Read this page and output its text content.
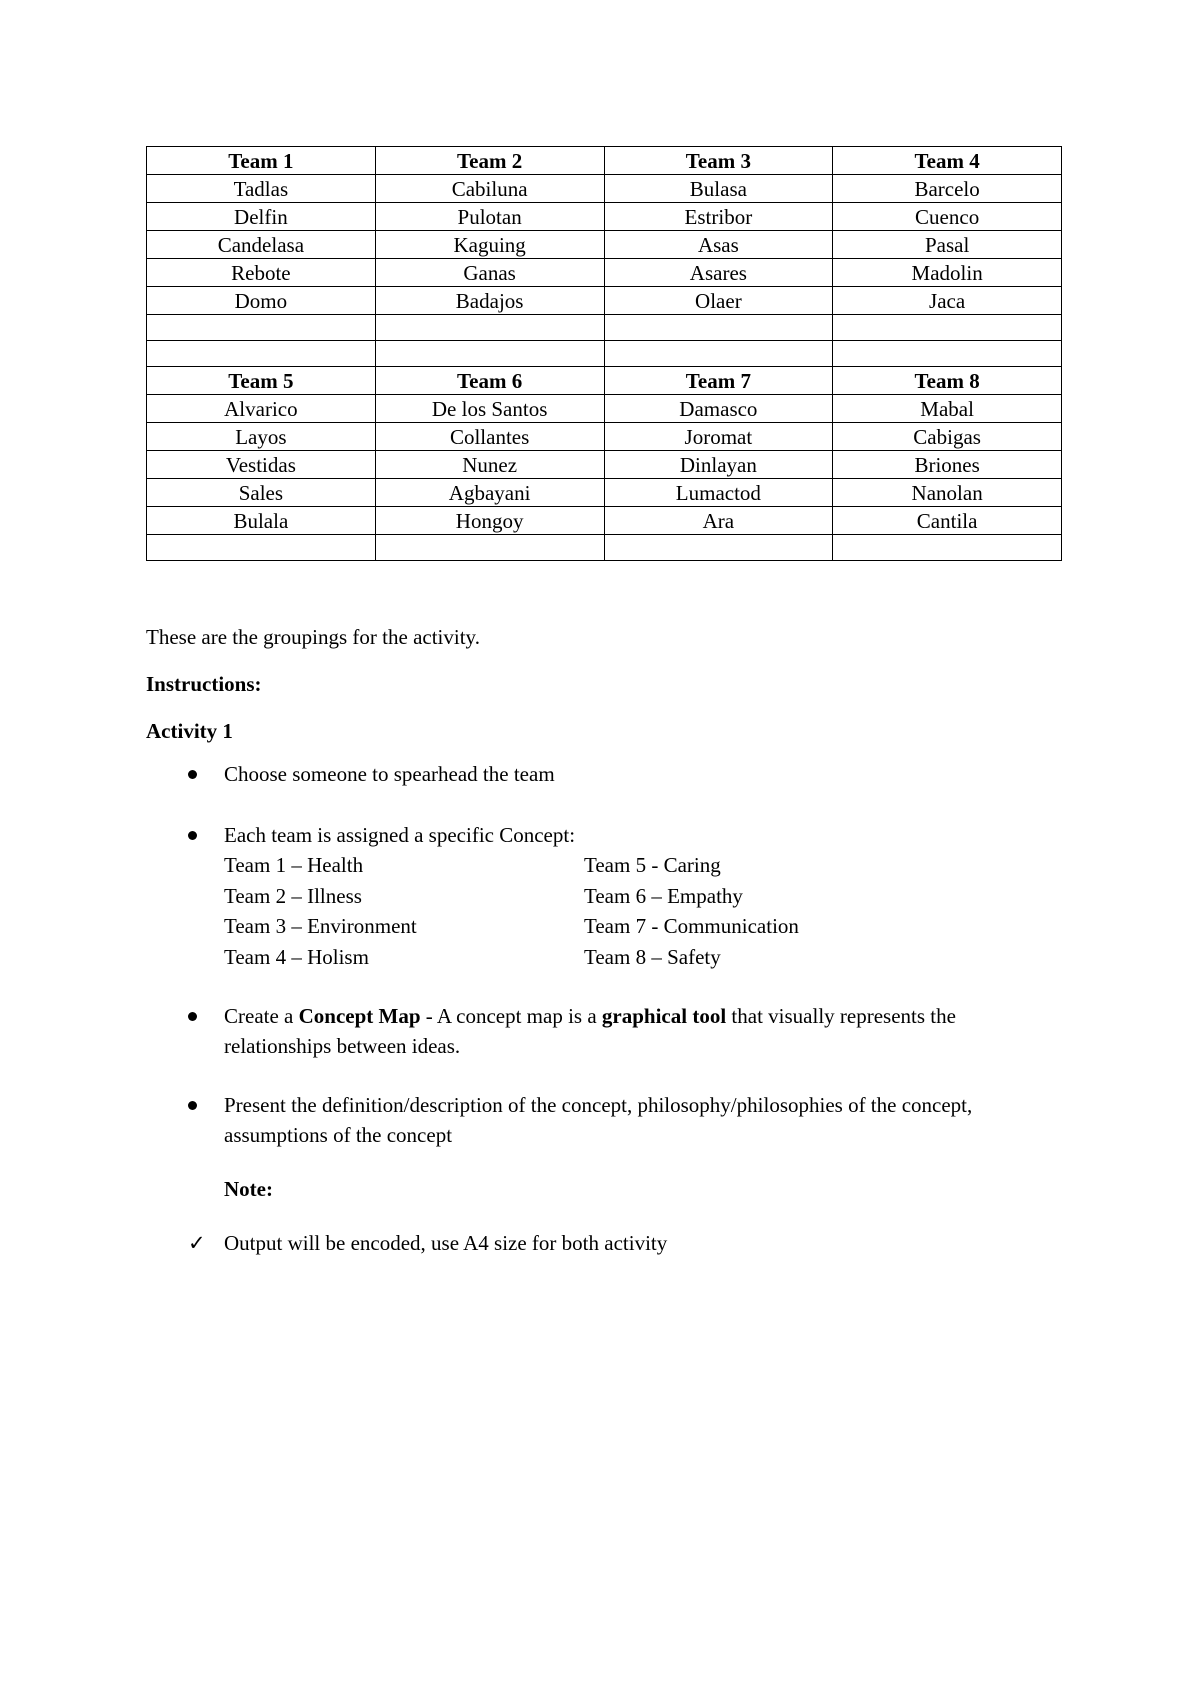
Team 1	Team 2	Team 3	Team 4
Tadlas	Cabiluna	Bulasa	Barcelo
Delfin	Pulotan	Estribor	Cuenco
Candelasa	Kaguing	Asas	Pasal
Rebote	Ganas	Asares	Madolin
Domo	Badajos	Olaer	Jaca

Team 5	Team 6	Team 7	Team 8
Alvarico	De los Santos	Damasco	Mabal
Layos	Collantes	Joromat	Cabigas
Vestidas	Nunez	Dinlayan	Briones
Sales	Agbayani	Lumactod	Nanolan
Bulala	Hongoy	Ara	Cantila

These are the groupings for the activity.
Instructions:
Activity 1
Choose someone to spearhead the team
Each team is assigned a specific Concept:
Team 1 – Health	Team 5 - Caring
Team 2 – Illness	Team 6 – Empathy
Team 3 – Environment	Team 7 - Communication
Team 4 – Holism	Team 8 – Safety
Create a Concept Map - A concept map is a graphical tool that visually represents the relationships between ideas.
Present the definition/description of the concept, philosophy/philosophies of the concept, assumptions of the concept
Note:
✓ Output will be encoded, use A4 size for both activity
